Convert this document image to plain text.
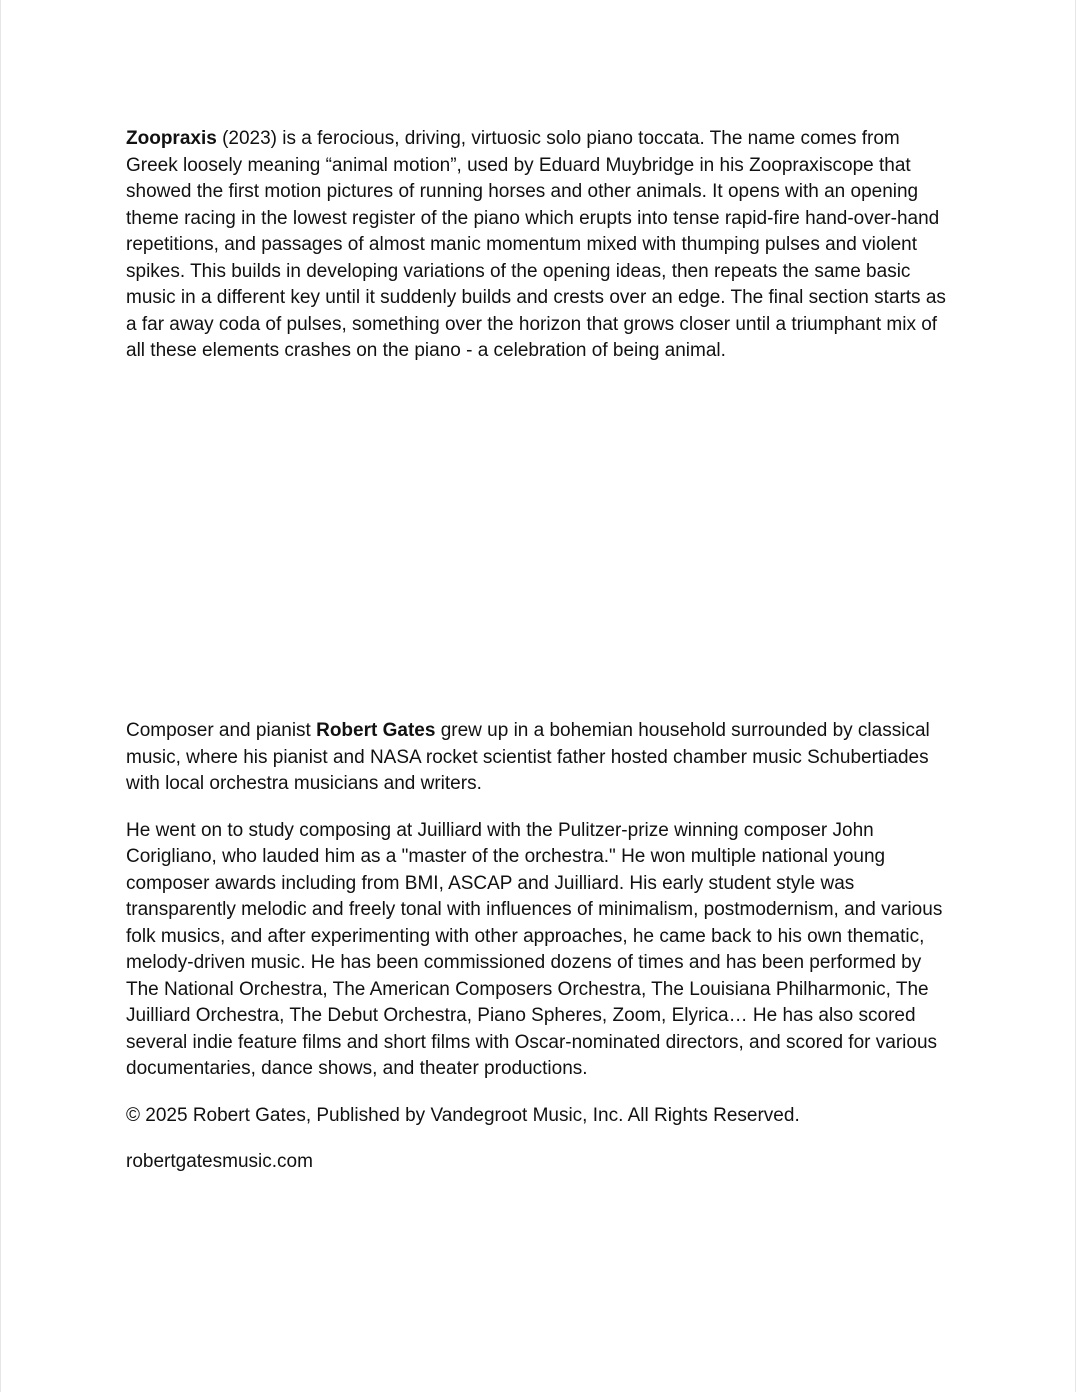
Zoopraxis (2023) is a ferocious, driving, virtuosic solo piano toccata. The name comes from Greek loosely meaning “animal motion”, used by Eduard Muybridge in his Zoopraxiscope that showed the first motion pictures of running horses and other animals. It opens with an opening theme racing in the lowest register of the piano which erupts into tense rapid-fire hand-over-hand repetitions, and passages of almost manic momentum mixed with thumping pulses and violent spikes. This builds in developing variations of the opening ideas, then repeats the same basic music in a different key until it suddenly builds and crests over an edge. The final section starts as a far away coda of pulses, something over the horizon that grows closer until a triumphant mix of all these elements crashes on the piano - a celebration of being animal.

Composer and pianist Robert Gates grew up in a bohemian household surrounded by classical music, where his pianist and NASA rocket scientist father hosted chamber music Schubertiades with local orchestra musicians and writers.

He went on to study composing at Juilliard with the Pulitzer-prize winning composer John Corigliano, who lauded him as a "master of the orchestra." He won multiple national young composer awards including from BMI, ASCAP and Juilliard. His early student style was transparently melodic and freely tonal with influences of minimalism, postmodernism, and various folk musics, and after experimenting with other approaches, he came back to his own thematic, melody-driven music. He has been commissioned dozens of times and has been performed by The National Orchestra, The American Composers Orchestra, The Louisiana Philharmonic, The Juilliard Orchestra, The Debut Orchestra, Piano Spheres, Zoom, Elyrica… He has also scored several indie feature films and short films with Oscar-nominated directors, and scored for various documentaries, dance shows, and theater productions.

© 2025 Robert Gates, Published by Vandegroot Music, Inc. All Rights Reserved.

robertgatesmusic.com
